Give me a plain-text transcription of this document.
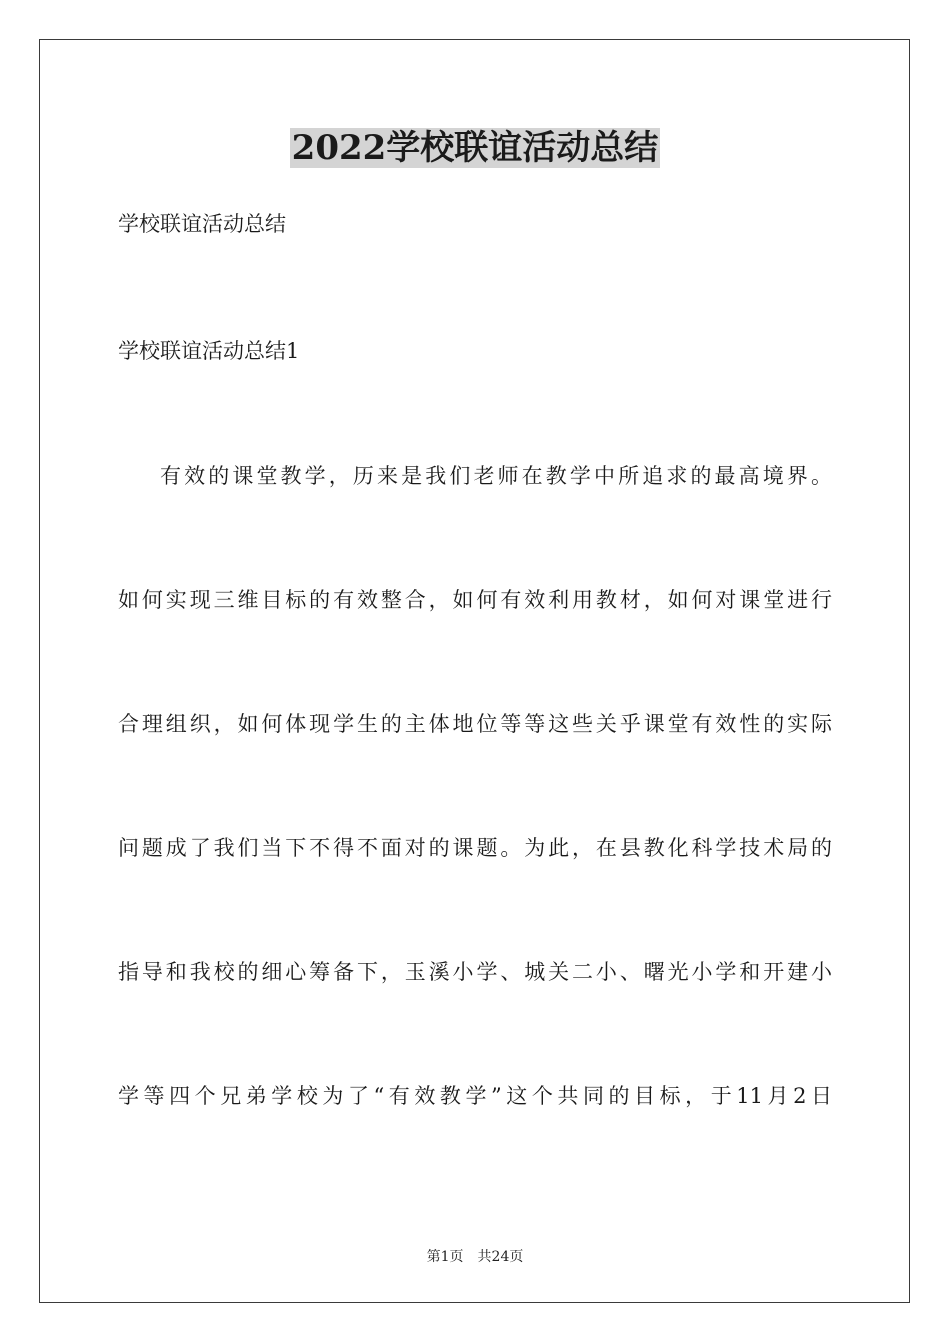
2022学校联谊活动总结

学校联谊活动总结

学校联谊活动总结1

有效的课堂教学，历来是我们老师在教学中所追求的最高境界。

如何实现三维目标的有效整合，如何有效利用教材，如何对课堂进行

合理组织，如何体现学生的主体地位等等这些关乎课堂有效性的实际

问题成了我们当下不得不面对的课题。为此，在县教化科学技术局的

指导和我校的细心筹备下，玉溪小学、城关二小、曙光小学和开建小

学等四个兄弟学校为了“有效教学”这个共同的目标，于11月2日

第1页 共24页
